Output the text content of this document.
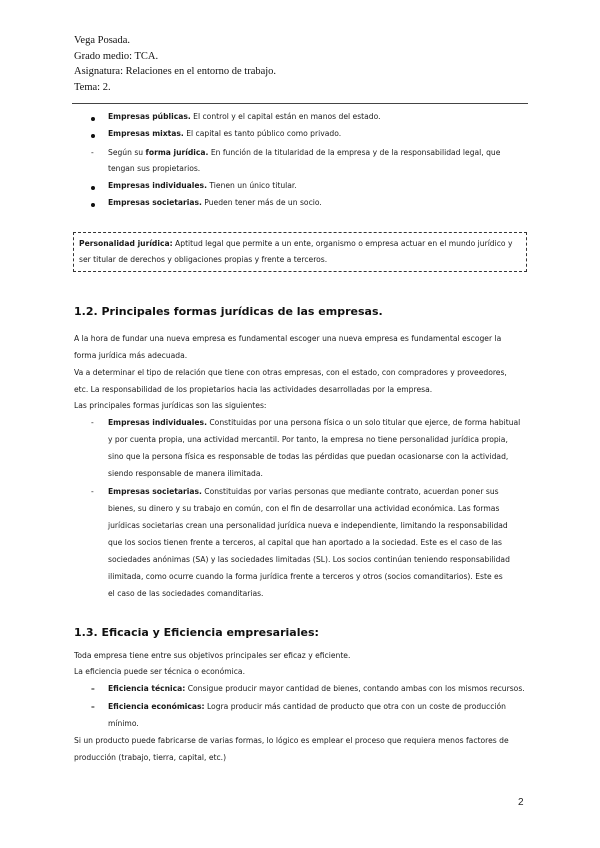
Vega Posada.
Grado medio: TCA.
Asignatura: Relaciones en el entorno de trabajo.
Tema: 2.
Empresas públicas. El control y el capital están en manos del estado.
Empresas mixtas. El capital es tanto público como privado.
- Según su forma jurídica. En función de la titularidad de la empresa y de la responsabilidad legal, que
tengan sus propietarios.
Empresas individuales. Tienen un único titular.
Empresas societarias. Pueden tener más de un socio.
Personalidad jurídica: Aptitud legal que permite a un ente, organismo o empresa actuar en el mundo jurídico y
ser titular de derechos y obligaciones propias y frente a terceros.
1.2. Principales formas jurídicas de las empresas.
A la hora de fundar una nueva empresa es fundamental escoger una nueva empresa es fundamental escoger la
forma jurídica más adecuada.
Va a determinar el tipo de relación que tiene con otras empresas, con el estado, con compradores y proveedores,
etc. La responsabilidad de los propietarios hacia las actividades desarrolladas por la empresa.
Las principales formas jurídicas son las siguientes:
- Empresas individuales. Constituidas por una persona física o un solo titular que ejerce, de forma habitual
y por cuenta propia, una actividad mercantil. Por tanto, la empresa no tiene personalidad jurídica propia,
sino que la persona física es responsable de todas las pérdidas que puedan ocasionarse con la actividad,
siendo responsable de manera ilimitada.
- Empresas societarias. Constituidas por varias personas que mediante contrato, acuerdan poner sus
bienes, su dinero y su trabajo en común, con el fin de desarrollar una actividad económica. Las formas
jurídicas societarias crean una personalidad jurídica nueva e independiente, limitando la responsabilidad
que los socios tienen frente a terceros, al capital que han aportado a la sociedad. Este es el caso de las
sociedades anónimas (SA) y las sociedades limitadas (SL). Los socios continúan teniendo responsabilidad
ilimitada, como ocurre cuando la forma jurídica frente a terceros y otros (socios comanditarios). Este es
el caso de las sociedades comanditarias.
1.3. Eficacia y Eficiencia empresariales:
Toda empresa tiene entre sus objetivos principales ser eficaz y eficiente.
La eficiencia puede ser técnica o económica.
– Eficiencia técnica: Consigue producir mayor cantidad de bienes, contando ambas con los mismos recursos.
– Eficiencia económicas: Logra producir más cantidad de producto que otra con un coste de producción
mínimo.
Si un producto puede fabricarse de varias formas, lo lógico es emplear el proceso que requiera menos factores de
producción (trabajo, tierra, capital, etc.)
2
